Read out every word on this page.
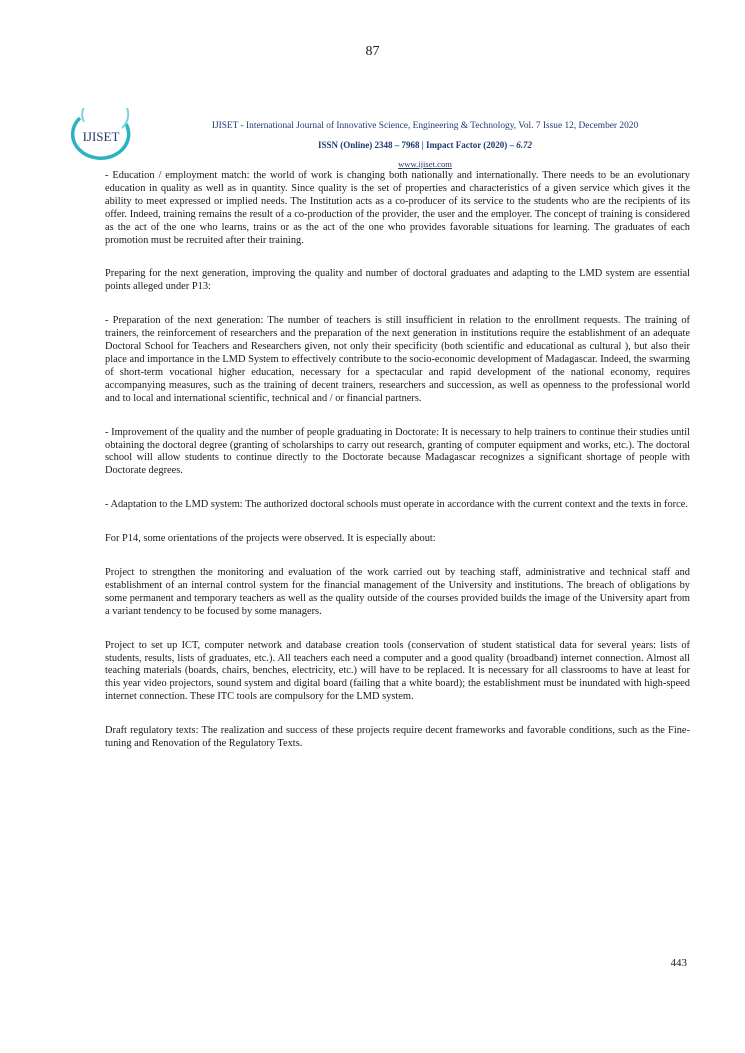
87
IJISET
IJISET - International Journal of Innovative Science, Engineering & Technology, Vol. 7 Issue 12, December 2020
ISSN (Online) 2348 – 7968 | Impact Factor (2020) – 6.72
www.ijiset.com

- Education / employment match: the world of work is changing both nationally and internationally. There needs to be an evolutionary education in quality as well as in quantity. Since quality is the set of properties and characteristics of a given service which gives it the ability to meet expressed or implied needs. The Institution acts as a co-producer of its service to the students who are the recipients of its offer. Indeed, training remains the result of a co-production of the provider, the user and the employer. The concept of training is considered as the act of the one who learns, trains or as the act of the one who provides favorable situations for learning. The graduates of each promotion must be recruited after their training.

Preparing for the next generation, improving the quality and number of doctoral graduates and adapting to the LMD system are essential points alleged under P13:

- Preparation of the next generation: The number of teachers is still insufficient in relation to the enrollment requests. The training of trainers, the reinforcement of researchers and the preparation of the next generation in institutions require the establishment of an adequate Doctoral School for Teachers and Researchers given, not only their specificity (both scientific and educational as cultural ), but also their place and importance in the LMD System to effectively contribute to the socio-economic development of Madagascar. Indeed, the swarming of short-term vocational higher education, necessary for a spectacular and rapid development of the national economy, requires accompanying measures, such as the training of decent trainers, researchers and succession, as well as openness to the professional world and to local and international scientific, technical and / or financial partners.

- Improvement of the quality and the number of people graduating in Doctorate: It is necessary to help trainers to continue their studies until obtaining the doctoral degree (granting of scholarships to carry out research, granting of computer equipment and works, etc.). The doctoral school will allow students to continue directly to the Doctorate because Madagascar recognizes a significant shortage of people with Doctorate degrees.

- Adaptation to the LMD system: The authorized doctoral schools must operate in accordance with the current context and the texts in force.

For P14, some orientations of the projects were observed. It is especially about:

Project to strengthen the monitoring and evaluation of the work carried out by teaching staff, administrative and technical staff and establishment of an internal control system for the financial management of the University and institutions. The breach of obligations by some permanent and temporary teachers as well as the quality outside of the courses provided builds the image of the University apart from a variant tendency to be focused by some managers.

Project to set up ICT, computer network and database creation tools (conservation of student statistical data for several years: lists of students, results, lists of graduates, etc.). All teachers each need a computer and a good quality (broadband) internet connection. Almost all teaching materials (boards, chairs, benches, electricity, etc.) will have to be replaced. It is necessary for all classrooms to have at least for this year video projectors, sound system and digital board (failing that a white board); the establishment must be inundated with high-speed internet connection. These ITC tools are compulsory for the LMD system.

Draft regulatory texts: The realization and success of these projects require decent frameworks and favorable conditions, such as the Fine-tuning and Renovation of the Regulatory Texts.

443
